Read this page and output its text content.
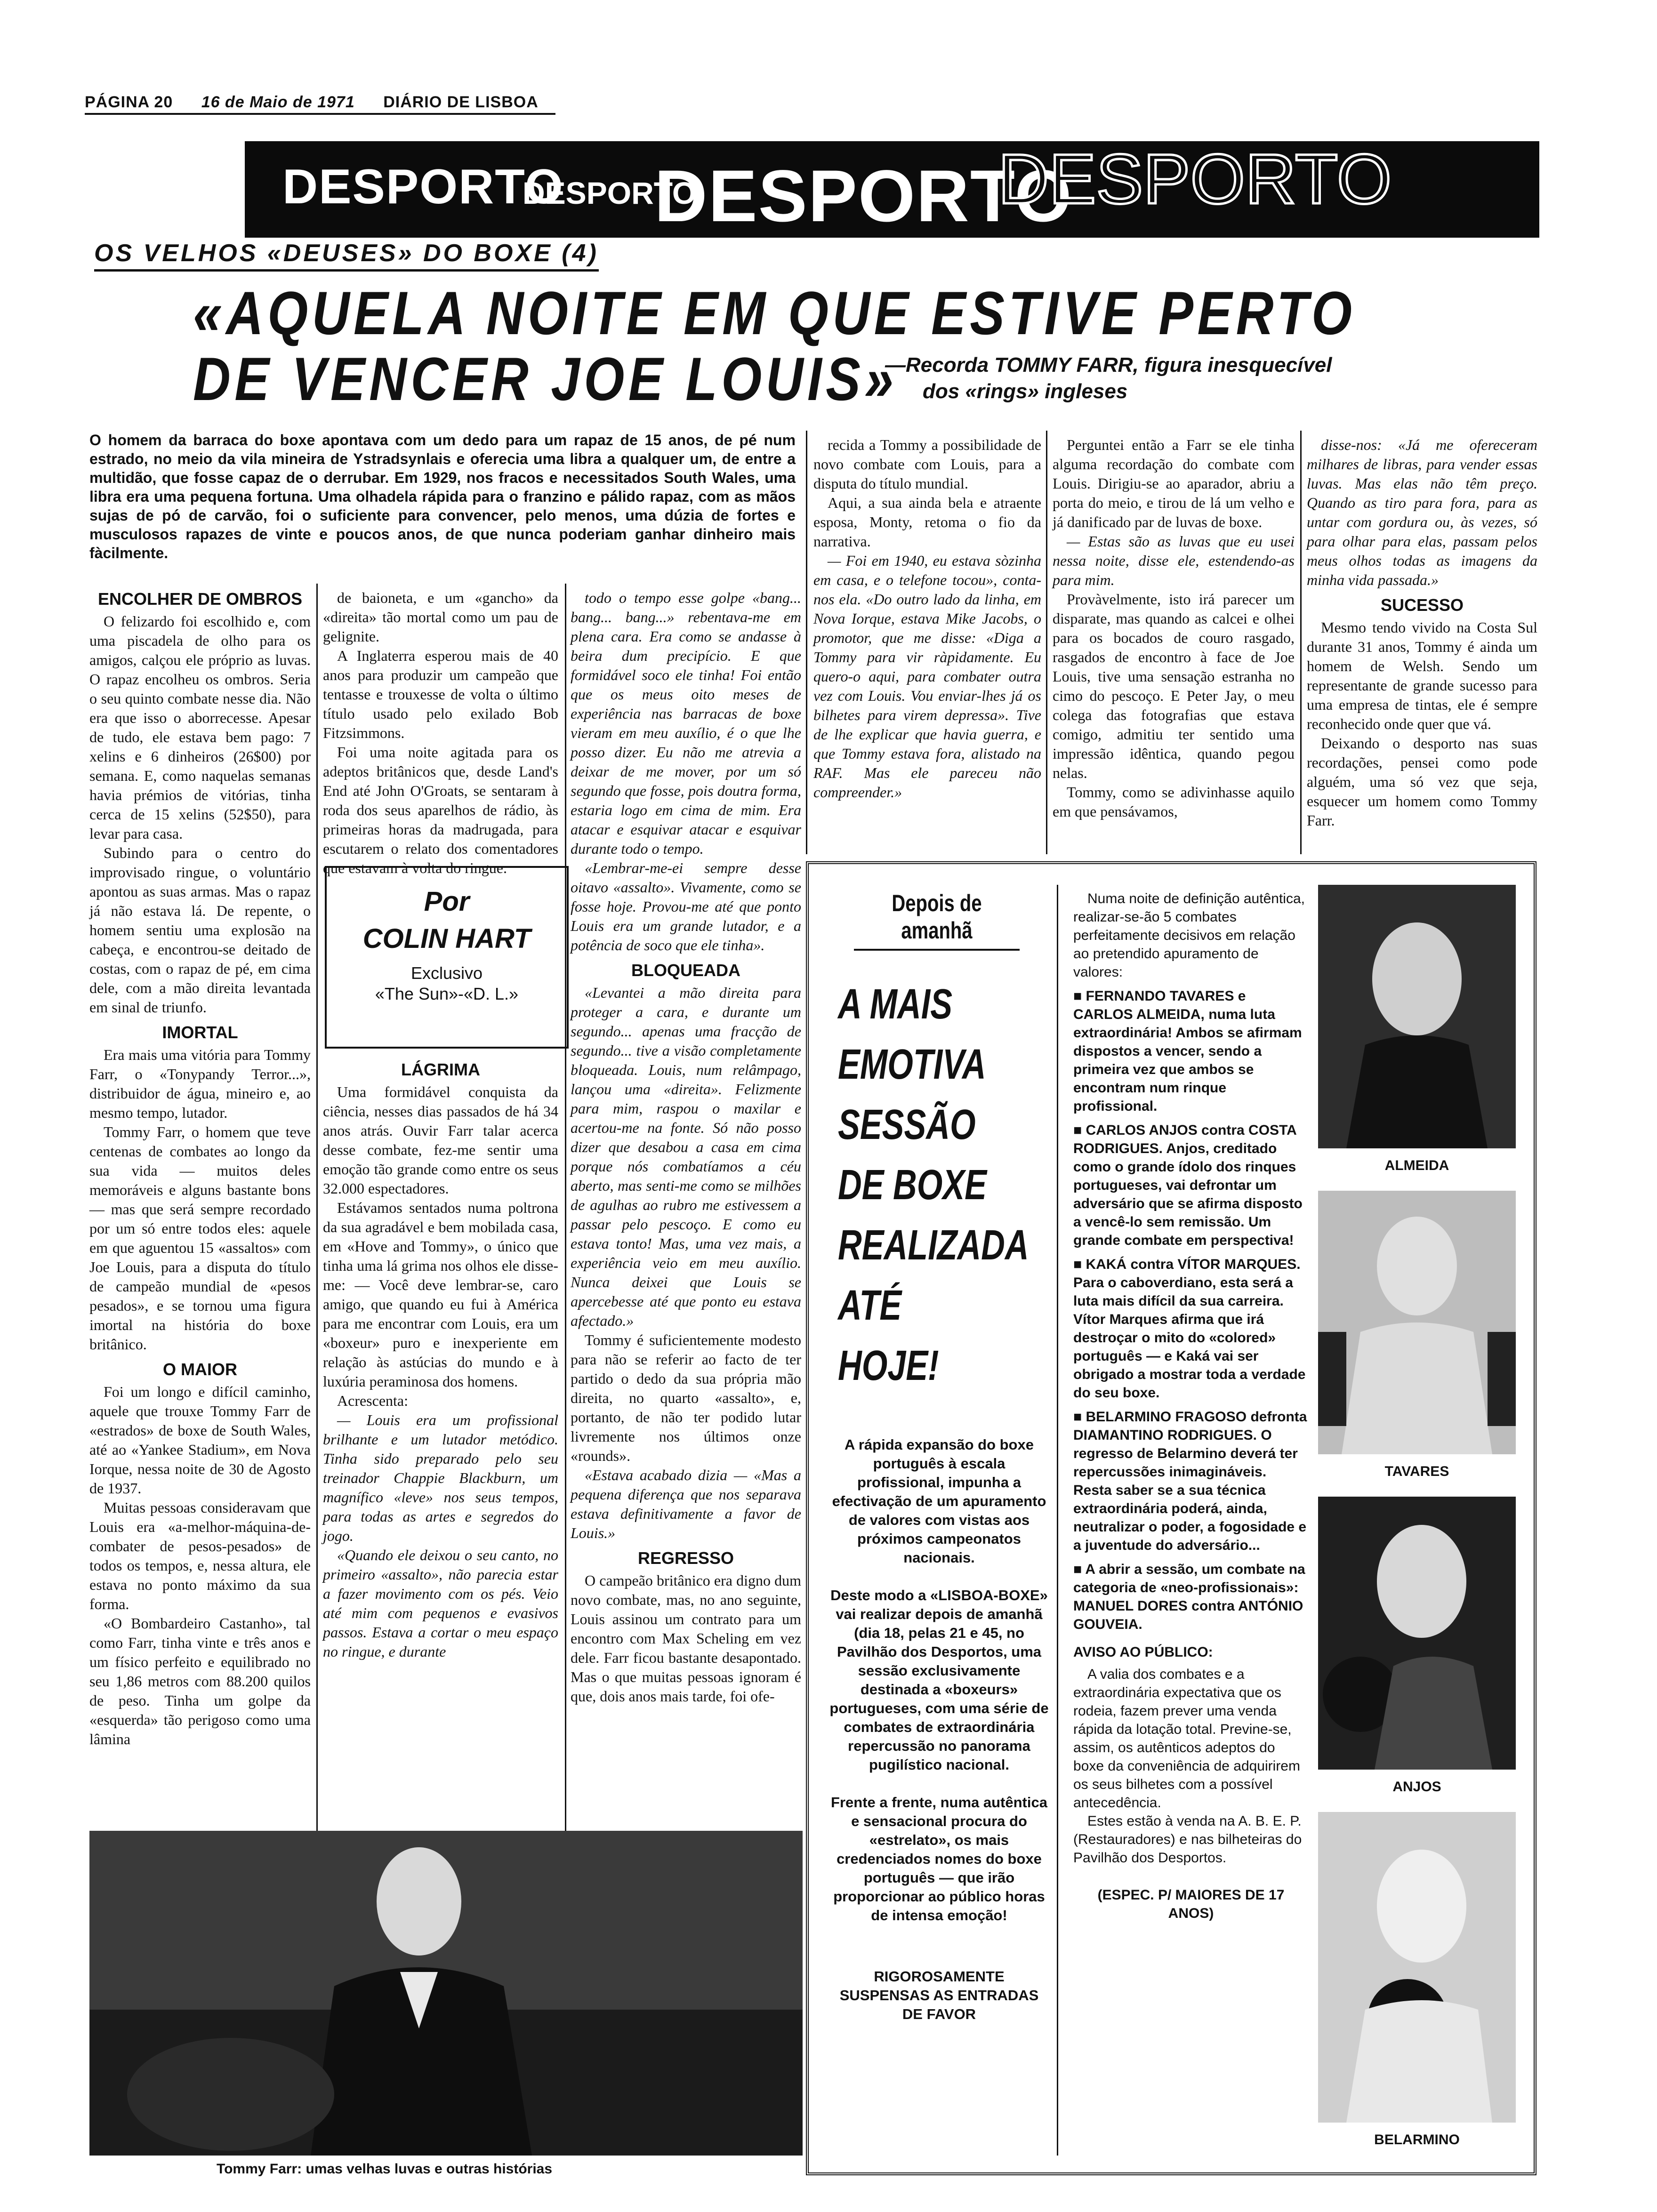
PÁGINA 20 16 de Maio de 1971 DIÁRIO DE LISBOA
DESPORTO
DESPORTO
DESPORTO
DESPORTO
OS VELHOS «DEUSES» DO BOXE (4)
«AQUELA NOITE EM QUE ESTIVE PERTO
DE VENCER JOE LOUIS»
—Recorda TOMMY FARR, figura inesquecível
dos «rings» ingleses
O homem da barraca do boxe apontava com um dedo para um rapaz de 15 anos, de pé num estrado, no meio da vila mineira de Ystradsynlais e oferecia uma libra a qualquer um, de entre a multidão, que fosse capaz de o derrubar. Em 1929, nos fracos e necessitados South Wales, uma libra era uma pequena fortuna. Uma olhadela rápida para o franzino e pálido rapaz, com as mãos sujas de pó de carvão, foi o suficiente para convencer, pelo menos, uma dúzia de fortes e musculosos rapazes de vinte e poucos anos, de que nunca poderiam ganhar dinheiro mais fàcilmente.
ENCOLHER DE OMBROS

O felizardo foi escolhido e, com uma piscadela de olho para os amigos, calçou ele próprio as luvas. O rapaz encolheu os ombros. Seria o seu quinto combate nesse dia. Não era que isso o aborrecesse. Apesar de tudo, ele estava bem pago: 7 xelins e 6 dinheiros (26$00) por semana. E, como naquelas semanas havia prémios de vitórias, tinha cerca de 15 xelins (52$50), para levar para casa.

Subindo para o centro do improvisado ringue, o voluntário apontou as suas armas. Mas o rapaz já não estava lá. De repente, o homem sentiu uma explosão na cabeça, e encontrou-se deitado de costas, com o rapaz de pé, em cima dele, com a mão direita levantada em sinal de triunfo.

IMORTAL

Era mais uma vitória para Tommy Farr, o «Tonypandy Terror...», distribuidor de água, mineiro e, ao mesmo tempo, lutador.

Tommy Farr, o homem que teve centenas de combates ao longo da sua vida — muitos deles memoráveis e alguns bastante bons — mas que será sempre recordado por um só entre todos eles: aquele em que aguentou 15 «assaltos» com Joe Louis, para a disputa do título de campeão mundial de «pesos pesados», e se tornou uma figura imortal na história do boxe britânico.

O MAIOR

Foi um longo e difícil caminho, aquele que trouxe Tommy Farr de «estrados» de boxe de South Wales, até ao «Yankee Stadium», em Nova Iorque, nessa noite de 30 de Agosto de 1937.

Muitas pessoas consideravam que Louis era «a-melhor-máquina-de-combater de pesos-pesados» de todos os tempos, e, nessa altura, ele estava no ponto máximo da sua forma.

«O Bombardeiro Castanho», tal como Farr, tinha vinte e três anos e um físico perfeito e equilibrado no seu 1,86 metros com 88.200 quilos de peso. Tinha um golpe da «esquerda» tão perigoso como uma lâmina

de baioneta, e um «gancho» da «direita» tão mortal como um pau de gelignite.

A Inglaterra esperou mais de 40 anos para produzir um campeão que tentasse e trouxesse de volta o último título usado pelo exilado Bob Fitzsimmons.

Foi uma noite agitada para os adeptos britânicos que, desde Land's End até John O'Groats, se sentaram à roda dos seus aparelhos de rádio, às primeiras horas da madrugada, para escutarem o relato dos comentadores que estavam à volta do ringue.

Por
COLIN HART
Exclusivo
«The Sun»-«D. L.»
LÁGRIMA

Uma formidável conquista da ciência, nesses dias passados de há 34 anos atrás. Ouvir Farr talar acerca desse combate, fez-me sentir uma emoção tão grande como entre os seus 32.000 espectadores.

Estávamos sentados numa poltrona da sua agradável e bem mobilada casa, em «Hove and Tommy», o único que tinha uma lá grima nos olhos ele disse-me: — Você deve lembrar-se, caro amigo, que quando eu fui à América para me encontrar com Louis, era um «boxeur» puro e inexperiente em relação às astúcias do mundo e à luxúria peraminosa dos homens.

Acrescenta:

— Louis era um profissional brilhante e um lutador metódico. Tinha sido preparado pelo seu treinador Chappie Blackburn, um magnífico «leve» nos seus tempos, para todas as artes e segredos do jogo.

«Quando ele deixou o seu canto, no primeiro «assalto», não parecia estar a fazer movimento com os pés. Veio até mim com pequenos e evasivos passos. Estava a cortar o meu espaço no ringue, e durante

todo o tempo esse golpe «bang... bang... bang...» rebentava-me em plena cara. Era como se andasse à beira dum precipício. E que formidável soco ele tinha! Foi então que os meus oito meses de experiência nas barracas de boxe vieram em meu auxílio, é o que lhe posso dizer. Eu não me atrevia a deixar de me mover, por um só segundo que fosse, pois doutra forma, estaria logo em cima de mim. Era atacar e esquivar atacar e esquivar durante todo o tempo.

«Lembrar-me-ei sempre desse oitavo «assalto». Vivamente, como se fosse hoje. Provou-me até que ponto Louis era um grande lutador, e a potência de soco que ele tinha».

BLOQUEADA

«Levantei a mão direita para proteger a cara, e durante um segundo... apenas uma fracção de segundo... tive a visão completamente bloqueada. Louis, num relâmpago, lançou uma «direita». Felizmente para mim, raspou o maxilar e acertou-me na fonte. Só não posso dizer que desabou a casa em cima porque nós combatíamos a céu aberto, mas senti-me como se milhões de agulhas ao rubro me estivessem a passar pelo pescoço. E como eu estava tonto! Mas, uma vez mais, a experiência veio em meu auxílio. Nunca deixei que Louis se apercebesse até que ponto eu estava afectado.»

Tommy é suficientemente modesto para não se referir ao facto de ter partido o dedo da sua própria mão direita, no quarto «assalto», e, portanto, de não ter podido lutar livremente nos últimos onze «rounds».

«Estava acabado dizia — «Mas a pequena diferença que nos separava estava definitivamente a favor de Louis.»

REGRESSO

O campeão britânico era digno dum novo combate, mas, no ano seguinte, Louis assinou um contrato para um encontro com Max Scheling em vez dele. Farr ficou bastante desapontado. Mas o que muitas pessoas ignoram é que, dois anos mais tarde, foi ofe-

recida a Tommy a possibilidade de novo combate com Louis, para a disputa do título mundial.

Aqui, a sua ainda bela e atraente esposa, Monty, retoma o fio da narrativa.

— Foi em 1940, eu estava sòzinha em casa, e o telefone tocou», conta-nos ela. «Do outro lado da linha, em Nova Iorque, estava Mike Jacobs, o promotor, que me disse: «Diga a Tommy para vir ràpidamente. Eu quero-o aqui, para combater outra vez com Louis. Vou enviar-lhes já os bilhetes para virem depressa». Tive de lhe explicar que havia guerra, e que Tommy estava fora, alistado na RAF. Mas ele pareceu não compreender.»

Perguntei então a Farr se ele tinha alguma recordação do combate com Louis. Dirigiu-se ao aparador, abriu a porta do meio, e tirou de lá um velho e já danificado par de luvas de boxe.

— Estas são as luvas que eu usei nessa noite, disse ele, estendendo-as para mim.

Provàvelmente, isto irá parecer um disparate, mas quando as calcei e olhei para os bocados de couro rasgado, rasgados de encontro à face de Joe Louis, tive uma sensação estranha no cimo do pescoço. E Peter Jay, o meu colega das fotografias que estava comigo, admitiu ter sentido uma impressão idêntica, quando pegou nelas.

Tommy, como se adivinhasse aquilo em que pensávamos,

disse-nos: «Já me ofereceram milhares de libras, para vender essas luvas. Mas elas não têm preço. Quando as tiro para fora, para as untar com gordura ou, às vezes, só para olhar para elas, passam pelos meus olhos todas as imagens da minha vida passada.»

SUCESSO

Mesmo tendo vivido na Costa Sul durante 31 anos, Tommy é ainda um homem de Welsh. Sendo um representante de grande sucesso para uma empresa de tintas, ele é sempre reconhecido onde quer que vá.

Deixando o desporto nas suas recordações, pensei como pode alguém, uma só vez que seja, esquecer um homem como Tommy Farr.

Tommy Farr: umas velhas luvas e outras histórias
Depois de amanhã
A MAIS
EMOTIVA
SESSÃO
DE BOXE
REALIZADA
ATÉ HOJE!
A rápida expansão do boxe português à escala profissional, impunha a efectivação de um apuramento de valores com vistas aos próximos campeonatos nacionais.
Deste modo a «LISBOA-BOXE» vai realizar depois de amanhã (dia 18, pelas 21 e 45, no Pavilhão dos Desportos, uma sessão exclusivamente destinada a «boxeurs» portugueses, com uma série de combates de extraordinária repercussão no panorama pugilístico nacional.
Frente a frente, numa autêntica e sensacional procura do «estrelato», os mais credenciados nomes do boxe português — que irão proporcionar ao público horas de intensa emoção!
RIGOROSAMENTE SUSPENSAS AS ENTRADAS DE FAVOR
Numa noite de definição autêntica, realizar-se-ão 5 combates perfeitamente decisivos em relação ao pretendido apuramento de valores:
■ FERNANDO TAVARES e CARLOS ALMEIDA, numa luta extraordinária! Ambos se afirmam dispostos a vencer, sendo a primeira vez que ambos se encontram num rinque profissional.
■ CARLOS ANJOS contra COSTA RODRIGUES. Anjos, creditado como o grande ídolo dos rinques portugueses, vai defrontar um adversário que se afirma disposto a vencê-lo sem remissão. Um grande combate em perspectiva!
■ KAKÁ contra VÍTOR MARQUES. Para o caboverdiano, esta será a luta mais difícil da sua carreira. Vítor Marques afirma que irá destroçar o mito do «colored» português — e Kaká vai ser obrigado a mostrar toda a verdade do seu boxe.
■ BELARMINO FRAGOSO defronta DIAMANTINO RODRIGUES. O regresso de Belarmino deverá ter repercussões inimagináveis. Resta saber se a sua técnica extraordinária poderá, ainda, neutralizar o poder, a fogosidade e a juventude do adversário...
■ A abrir a sessão, um combate na categoria de «neo-profissionais»: MANUEL DORES contra ANTÓNIO GOUVEIA.
AVISO AO PÚBLICO:
A valia dos combates e a extraordinária expectativa que os rodeia, fazem prever uma venda rápida da lotação total. Previne-se, assim, os autênticos adeptos do boxe da conveniência de adquirirem os seus bilhetes com a possível antecedência.
Estes estão à venda na A. B. E. P. (Restauradores) e nas bilheteiras do Pavilhão dos Desportos.
(ESPEC. P/ MAIORES DE 17 ANOS)
ALMEIDA
TAVARES
ANJOS
BELARMINO
